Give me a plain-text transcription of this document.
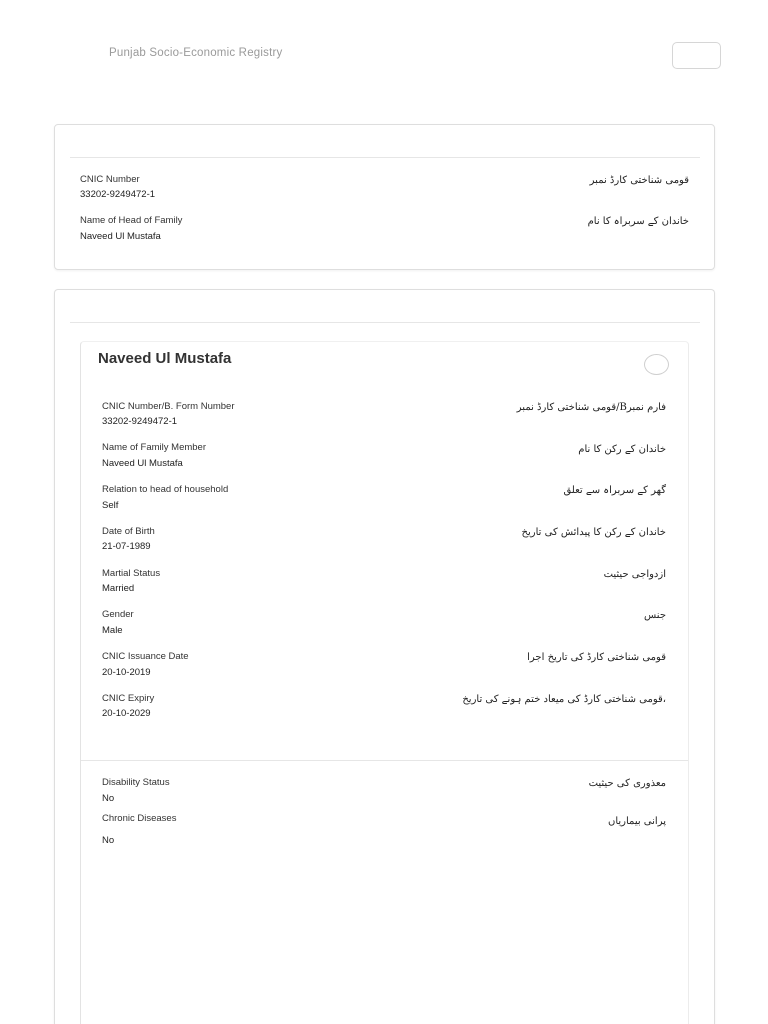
Punjab Socio-Economic Registry
CNIC Number
33202-9249472-1
قومی شناختی کارڈ نمبر
Name of Head of Family
Naveed Ul Mustafa
خاندان کے سربراہ کا نام
Naveed Ul Mustafa
CNIC Number/B. Form Number
33202-9249472-1
فارم نمبرB/قومی شناختی کارڈ نمبر
Name of Family Member
Naveed Ul Mustafa
خاندان کے رکن کا نام
Relation to head of household
Self
گھر کے سربراہ سے تعلق
Date of Birth
21-07-1989
خاندان کے رکن کا پیدائش کی تاریخ
Martial Status
Married
ازدواجی حیثیت
Gender
Male
جنس
CNIC Issuance Date
20-10-2019
قومی شناختی کارڈ کی تاریخ اجرا
CNIC Expiry
20-10-2029
،قومی شناختی کارڈ کی میعاد ختم ہونے کی تاریخ
Disability Status
No
معذوری کی حیثیت
Chronic Diseases
No
پرانی بیماریاں
